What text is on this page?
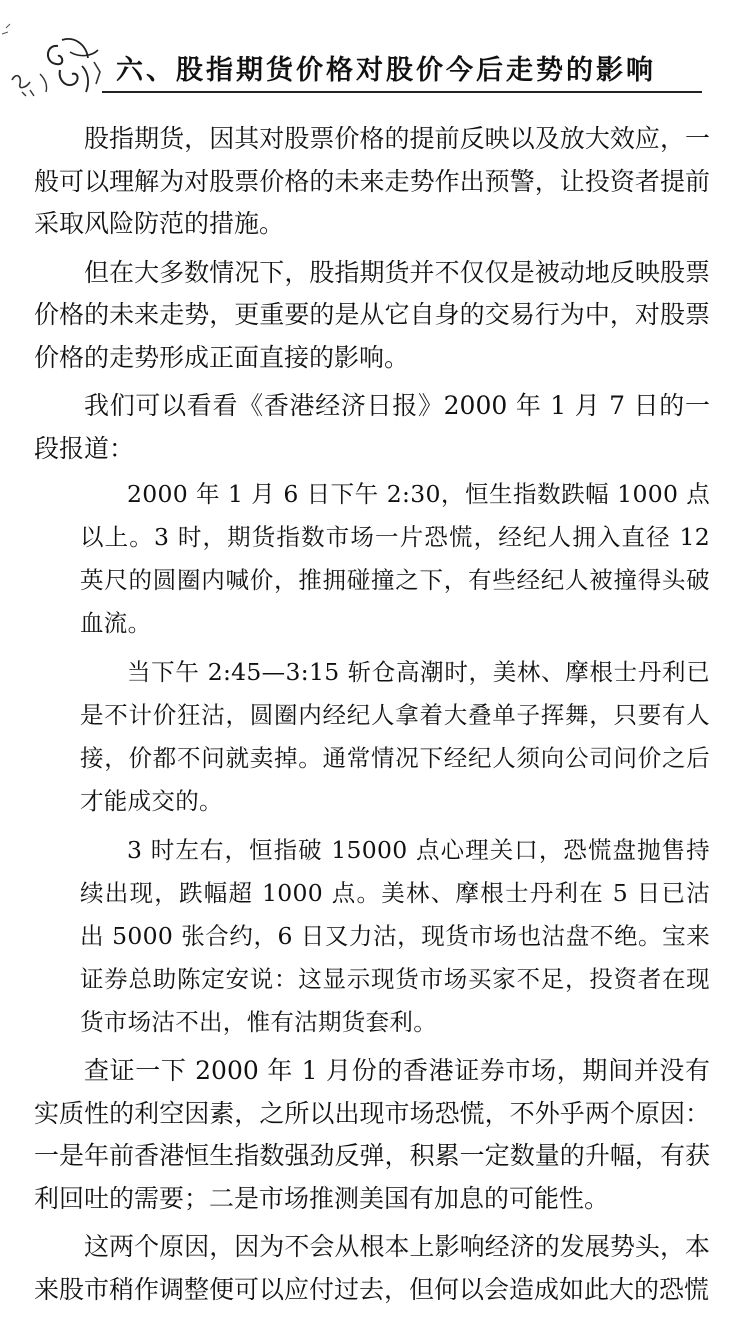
六、股指期货价格对股价今后走势的影响

股指期货，因其对股票价格的提前反映以及放大效应，一般可以理解为对股票价格的未来走势作出预警，让投资者提前采取风险防范的措施。

但在大多数情况下，股指期货并不仅仅是被动地反映股票价格的未来走势，更重要的是从它自身的交易行为中，对股票价格的走势形成正面直接的影响。

我们可以看看《香港经济日报》2000 年 1 月 7 日的一段报道：

2000 年 1 月 6 日下午 2:30，恒生指数跌幅 1000 点以上。3 时，期货指数市场一片恐慌，经纪人拥入直径 12 英尺的圆圈内喊价，推拥碰撞之下，有些经纪人被撞得头破血流。

当下午 2:45—3:15 斩仓高潮时，美林、摩根士丹利已是不计价狂沽，圆圈内经纪人拿着大叠单子挥舞，只要有人接，价都不问就卖掉。通常情况下经纪人须向公司问价之后才能成交的。

3 时左右，恒指破 15000 点心理关口，恐慌盘抛售持续出现，跌幅超 1000 点。美林、摩根士丹利在 5 日已沽出 5000 张合约，6 日又力沽，现货市场也沽盘不绝。宝来证券总助陈定安说：这显示现货市场买家不足，投资者在现货市场沽不出，惟有沽期货套利。

查证一下 2000 年 1 月份的香港证券市场，期间并没有实质性的利空因素，之所以出现市场恐慌，不外乎两个原因：一是年前香港恒生指数强劲反弹，积累一定数量的升幅，有获利回吐的需要；二是市场推测美国有加息的可能性。

这两个原因，因为不会从根本上影响经济的发展势头，本来股市稍作调整便可以应付过去，但何以会造成如此大的恐慌
